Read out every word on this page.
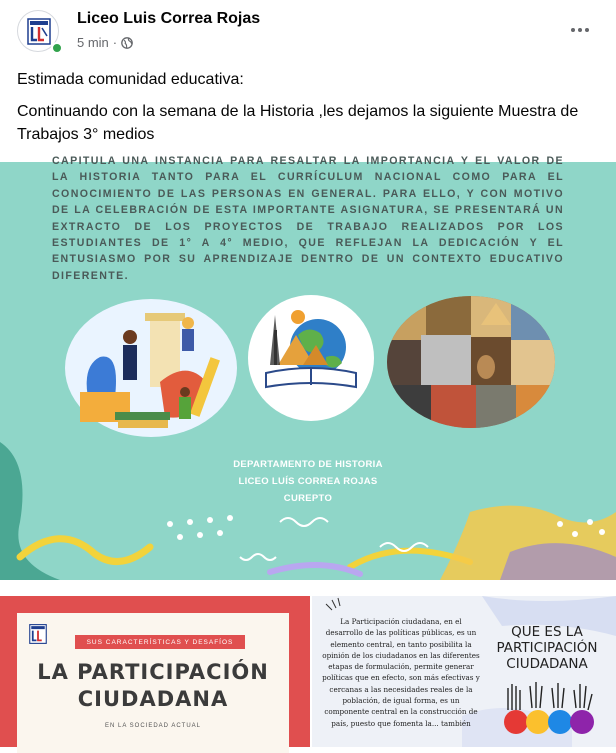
Liceo Luis Correa Rojas
5 min ·

Estimada comunidad educativa:

Continuando con la semana de la Historia ,les dejamos la siguiente Muestra de Trabajos 3° medios

CAPITULA UNA INSTANCIA PARA RESALTAR LA IMPORTANCIA Y EL VALOR DE LA HISTORIA TANTO PARA EL CURRÍCULUM NACIONAL COMO PARA EL CONOCIMIENTO DE LAS PERSONAS EN GENERAL. PARA ELLO, Y CON MOTIVO DE LA CELEBRACIÓN DE ESTA IMPORTANTE ASIGNATURA, SE PRESENTARÁ UN EXTRACTO DE LOS PROYECTOS DE TRABAJO REALIZADOS POR LOS ESTUDIANTES DE 1° A 4° MEDIO, QUE REFLEJAN LA DEDICACIÓN Y EL ENTUSIASMO POR SU APRENDIZAJE DENTRO DE UN CONTEXTO EDUCATIVO DIFERENTE.
DEPARTAMENTO DE HISTORIA
LICEO LUÍS CORREA ROJAS
CUREPTO
SUS CARACTERÍSTICAS Y DESAFÍOS
LA PARTICIPACIÓN
CIUDADANA
EN LA SOCIEDAD ACTUAL
La Participación ciudadana, en el desarrollo de las políticas públicas, es un elemento central, en tanto posibilita la opinión de los ciudadanos en las diferentes etapas de formulación, permite generar políticas que en efecto, son más efectivas y cercanas a las necesidades reales de la población, de igual forma, es un componente central en la construcción de país, puesto que fomenta la... también
QUE ES LA
PARTICIPACIÓN
CIUDADANA
